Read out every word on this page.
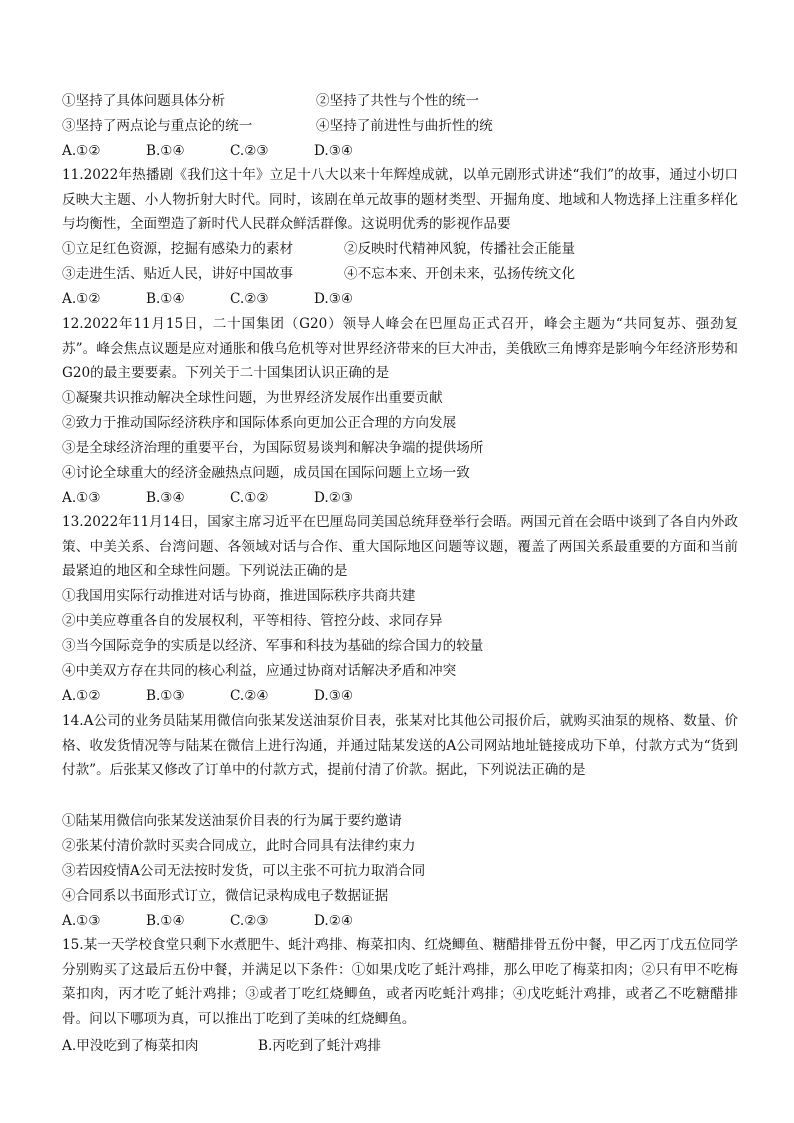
①坚持了具体问题具体分析	②坚持了共性与个性的统一
③坚持了两点论与重点论的统一	④坚持了前进性与曲折性的统
A.①②	B.①④	C.②③	D.③④
11.2022年热播剧《我们这十年》立足十八大以来十年辉煌成就，以单元剧形式讲述“我们”的故事，通过小切口反映大主题、小人物折射大时代。同时，该剧在单元故事的题材类型、开掘角度、地域和人物选择上注重多样化与均衡性，全面塑造了新时代人民群众鲜活群像。这说明优秀的影视作品要
①立足红色资源，挖掘有感染力的素材	②反映时代精神风貌，传播社会正能量
③走进生活、贴近人民，讲好中国故事	④不忘本来、开创未来，弘扬传统文化
A.①②	B.①④	C.②③	D.③④
12.2022年11月15日，二十国集团（G20）领导人峰会在巴厘岛正式召开，峰会主题为“共同复苏、强劲复苏”。峰会焦点议题是应对通胀和俄乌危机等对世界经济带来的巨大冲击，美俄欧三角博弈是影响今年经济形势和G20的最主要要素。下列关于二十国集团认识正确的是
①凝聚共识推动解决全球性问题，为世界经济发展作出重要贡献
②致力于推动国际经济秩序和国际体系向更加公正合理的方向发展
③是全球经济治理的重要平台，为国际贸易谈判和解决争端的提供场所
④讨论全球重大的经济金融热点问题，成员国在国际问题上立场一致
A.①③	B.③④	C.①②	D.②③
13.2022年11月14日，国家主席习近平在巴厘岛同美国总统拜登举行会晤。两国元首在会晤中谈到了各自内外政策、中美关系、台湾问题、各领域对话与合作、重大国际地区问题等议题，覆盖了两国关系最重要的方面和当前最紧迫的地区和全球性问题。下列说法正确的是
①我国用实际行动推进对话与协商，推进国际秩序共商共建
②中美应尊重各自的发展权利，平等相待、管控分歧、求同存异
③当今国际竞争的实质是以经济、军事和科技为基础的综合国力的较量
④中美双方存在共同的核心利益，应通过协商对话解决矛盾和冲突
A.①②	B.①③	C.②④	D.③④
14.A公司的业务员陆某用微信向张某发送油泵价目表，张某对比其他公司报价后，就购买油泵的规格、数量、价格、收发货情况等与陆某在微信上进行沟通，并通过陆某发送的A公司网站地址链接成功下单，付款方式为“货到付款”。后张某又修改了订单中的付款方式，提前付清了价款。据此，下列说法正确的是
①陆某用微信向张某发送油泵价目表的行为属于要约邀请
②张某付清价款时买卖合同成立，此时合同具有法律约束力
③若因疫情A公司无法按时发货，可以主张不可抗力取消合同
④合同系以书面形式订立，微信记录构成电子数据证据
A.①③	B.①④	C.②③	D.②④
15.某一天学校食堂只剩下水煮肥牛、蚝汁鸡排、梅菜扣肉、红烧鲫鱼、糖醋排骨五份中餐，甲乙丙丁戊五位同学分别购买了这最后五份中餐，并满足以下条件：①如果戊吃了蚝汁鸡排，那么甲吃了梅菜扣肉；②只有甲不吃梅菜扣肉，丙才吃了蚝汁鸡排；③或者丁吃红烧鲫鱼，或者丙吃蚝汁鸡排；④戊吃蚝汁鸡排，或者乙不吃糖醋排骨。问以下哪项为真，可以推出丁吃到了美味的红烧鲫鱼。
A.甲没吃到了梅菜扣肉	B.丙吃到了蚝汁鸡排
